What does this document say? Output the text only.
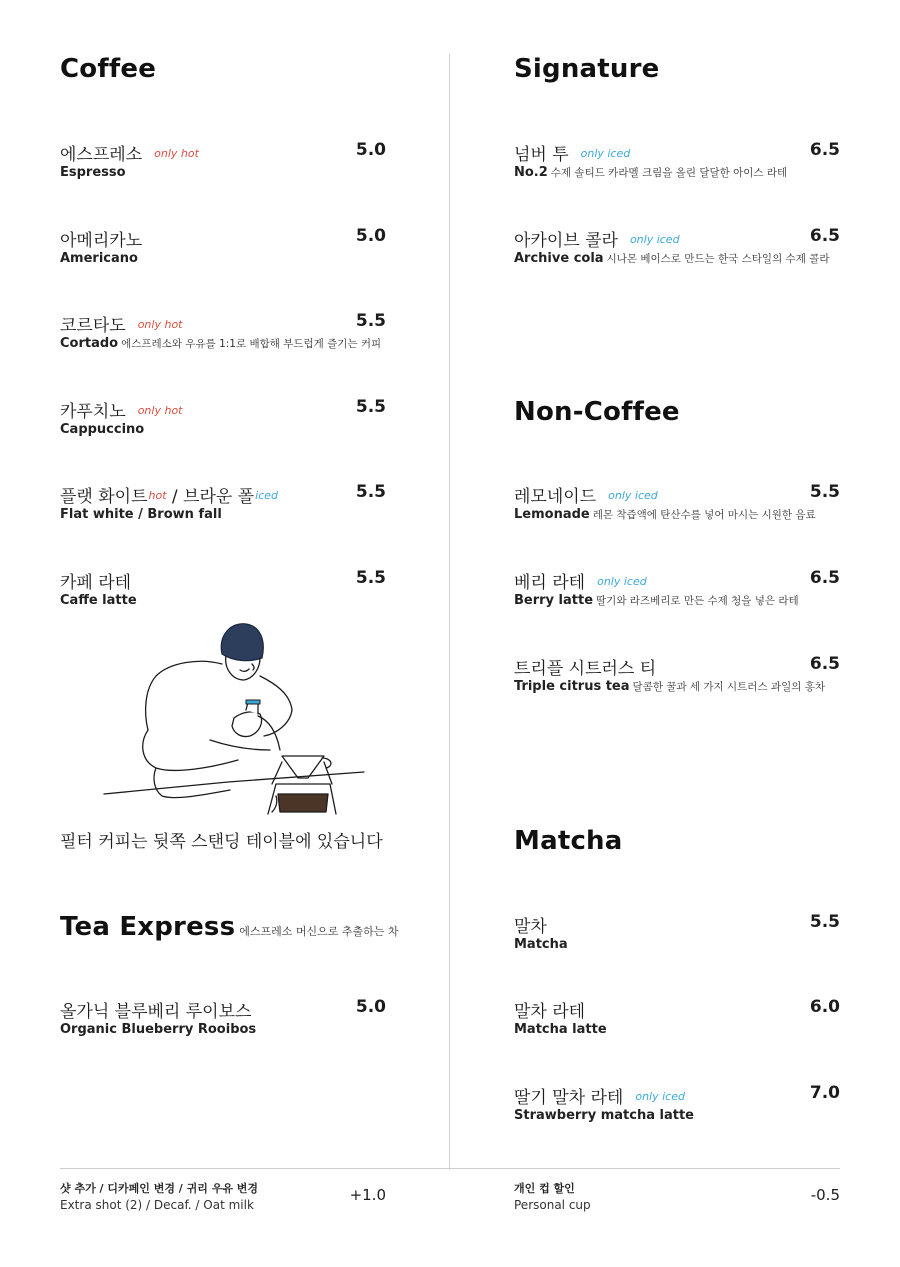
Coffee
에스프레소 only hot
Espresso
5.0
아메리카노
Americano
5.0
코르타도 only hot
Cortado 에스프레소와 우유를 1:1로 배합해 부드럽게 즐기는 커피
5.5
카푸치노 only hot
Cappuccino
5.5
플랫 화이트hot / 브라운 폴iced
Flat white / Brown fall
5.5
카페 라테
Caffe latte
5.5
필터 커피는 뒷쪽 스탠딩 테이블에 있습니다
Tea Express 에스프레소 머신으로 추출하는 차
올가닉 블루베리 루이보스
Organic Blueberry Rooibos
5.0
샷 추가 / 디카페인 변경 / 귀리 우유 변경
Extra shot (2) / Decaf. / Oat milk
+1.0
Signature
넘버 투 only iced
No.2 수제 솔티드 카라멜 크림을 올린 달달한 아이스 라테
6.5
아카이브 콜라 only iced
Archive cola 시나몬 베이스로 만드는 한국 스타일의 수제 콜라
6.5
Non-Coffee
레모네이드 only iced
Lemonade 레몬 착즙액에 탄산수를 넣어 마시는 시원한 음료
5.5
베리 라테 only iced
Berry latte 딸기와 라즈베리로 만든 수제 청을 넣은 라테
6.5
트리플 시트러스 티
Triple citrus tea 달콤한 꿀과 세 가지 시트러스 과일의 홍차
6.5
Matcha
말차
Matcha
5.5
말차 라테
Matcha latte
6.0
딸기 말차 라테 only iced
Strawberry matcha latte
7.0
개인 컵 할인
Personal cup
-0.5
